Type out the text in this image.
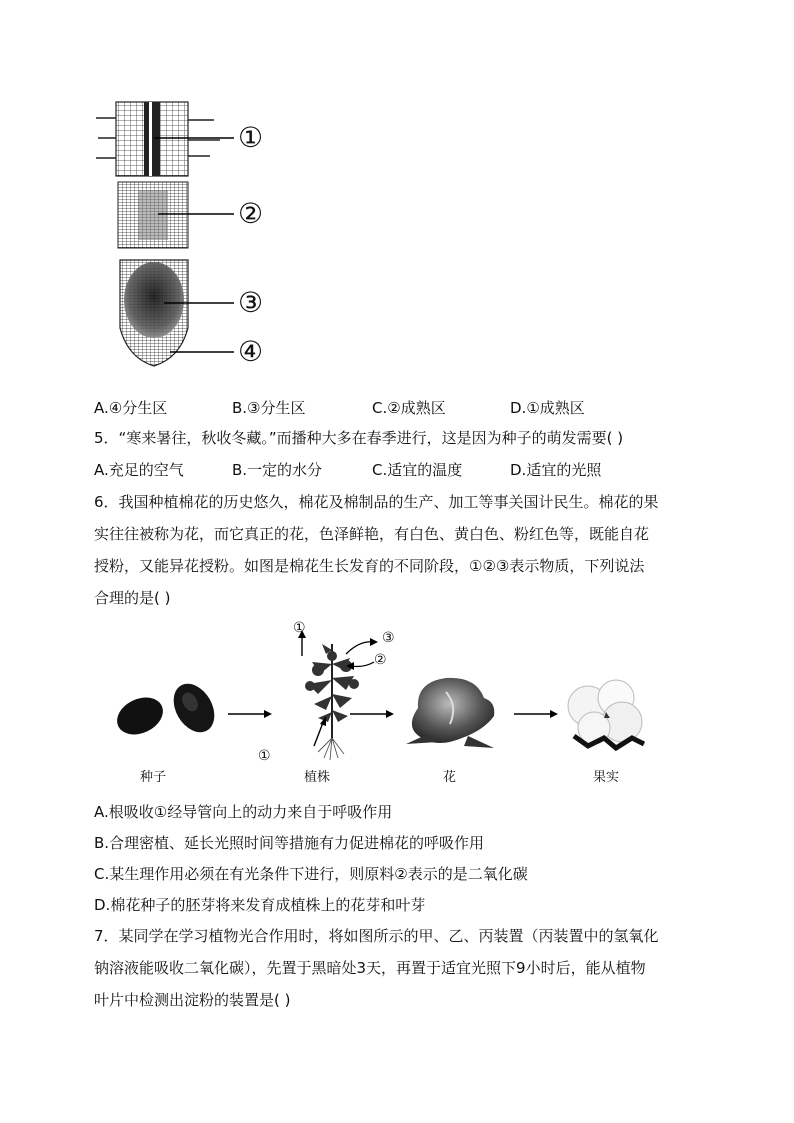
①
②
③
④
A.④分生区	B.③分生区	C.②成熟区	D.①成熟区
5．“寒来暑往，秋收冬藏。”而播种大多在春季进行，这是因为种子的萌发需要( )
A.充足的空气	B.一定的水分	C.适宜的温度	D.适宜的光照
6．我国种植棉花的历史悠久，棉花及棉制品的生产、加工等事关国计民生。棉花的果
实往往被称为花，而它真正的花，色泽鲜艳，有白色、黄白色、粉红色等，既能自花
授粉，又能异花授粉。如图是棉花生长发育的不同阶段，①②③表示物质，下列说法
合理的是( )
①
③
②
①
种子	植株	花	果实
A.根吸收①经导管向上的动力来自于呼吸作用
B.合理密植、延长光照时间等措施有力促进棉花的呼吸作用
C.某生理作用必须在有光条件下进行，则原料②表示的是二氧化碳
D.棉花种子的胚芽将来发育成植株上的花芽和叶芽
7．某同学在学习植物光合作用时，将如图所示的甲、乙、丙装置（丙装置中的氢氧化
钠溶液能吸收二氧化碳），先置于黑暗处3天，再置于适宜光照下9小时后，能从植物
叶片中检测出淀粉的装置是( )
